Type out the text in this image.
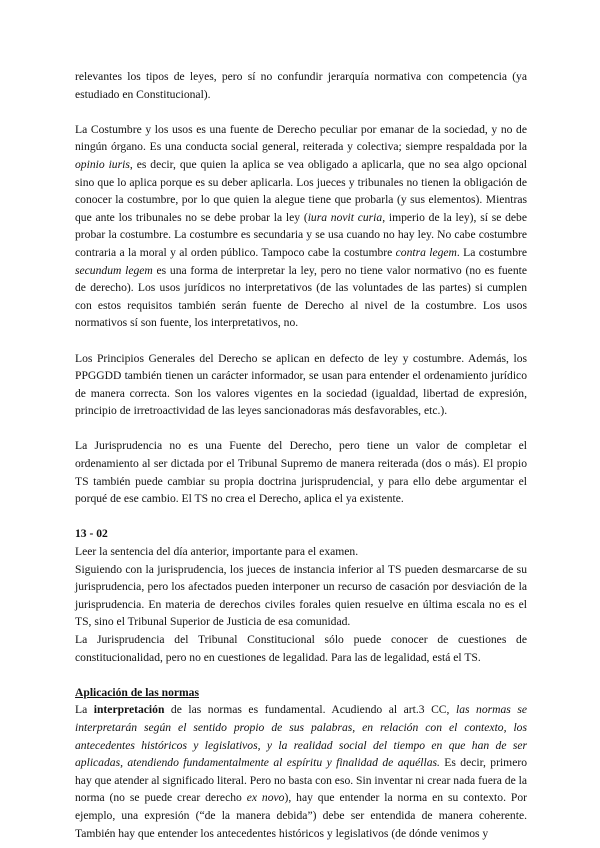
relevantes los tipos de leyes, pero sí no confundir jerarquía normativa con competencia (ya estudiado en Constitucional).

La Costumbre y los usos es una fuente de Derecho peculiar por emanar de la sociedad, y no de ningún órgano. Es una conducta social general, reiterada y colectiva; siempre respaldada por la opinio iuris, es decir, que quien la aplica se vea obligado a aplicarla, que no sea algo opcional sino que lo aplica porque es su deber aplicarla. Los jueces y tribunales no tienen la obligación de conocer la costumbre, por lo que quien la alegue tiene que probarla (y sus elementos). Mientras que ante los tribunales no se debe probar la ley (iura novit curia, imperio de la ley), sí se debe probar la costumbre. La costumbre es secundaria y se usa cuando no hay ley. No cabe costumbre contraria a la moral y al orden público. Tampoco cabe la costumbre contra legem. La costumbre secundum legem es una forma de interpretar la ley, pero no tiene valor normativo (no es fuente de derecho). Los usos jurídicos no interpretativos (de las voluntades de las partes) si cumplen con estos requisitos también serán fuente de Derecho al nivel de la costumbre. Los usos normativos sí son fuente, los interpretativos, no.

Los Principios Generales del Derecho se aplican en defecto de ley y costumbre. Además, los PPGGDD también tienen un carácter informador, se usan para entender el ordenamiento jurídico de manera correcta. Son los valores vigentes en la sociedad (igualdad, libertad de expresión, principio de irretroactividad de las leyes sancionadoras más desfavorables, etc.).

La Jurisprudencia no es una Fuente del Derecho, pero tiene un valor de completar el ordenamiento al ser dictada por el Tribunal Supremo de manera reiterada (dos o más). El propio TS también puede cambiar su propia doctrina jurisprudencial, y para ello debe argumentar el porqué de ese cambio. El TS no crea el Derecho, aplica el ya existente.

13 - 02

Leer la sentencia del día anterior, importante para el examen.

Siguiendo con la jurisprudencia, los jueces de instancia inferior al TS pueden desmarcarse de su jurisprudencia, pero los afectados pueden interponer un recurso de casación por desviación de la jurisprudencia. En materia de derechos civiles forales quien resuelve en última escala no es el TS, sino el Tribunal Superior de Justicia de esa comunidad.

La Jurisprudencia del Tribunal Constitucional sólo puede conocer de cuestiones de constitucionalidad, pero no en cuestiones de legalidad. Para las de legalidad, está el TS.

Aplicación de las normas

La interpretación de las normas es fundamental. Acudiendo al art.3 CC, las normas se interpretarán según el sentido propio de sus palabras, en relación con el contexto, los antecedentes históricos y legislativos, y la realidad social del tiempo en que han de ser aplicadas, atendiendo fundamentalmente al espíritu y finalidad de aquéllas. Es decir, primero hay que atender al significado literal. Pero no basta con eso. Sin inventar ni crear nada fuera de la norma (no se puede crear derecho ex novo), hay que entender la norma en su contexto. Por ejemplo, una expresión (“de la manera debida”) debe ser entendida de manera coherente. También hay que entender los antecedentes históricos y legislativos (de dónde venimos y
